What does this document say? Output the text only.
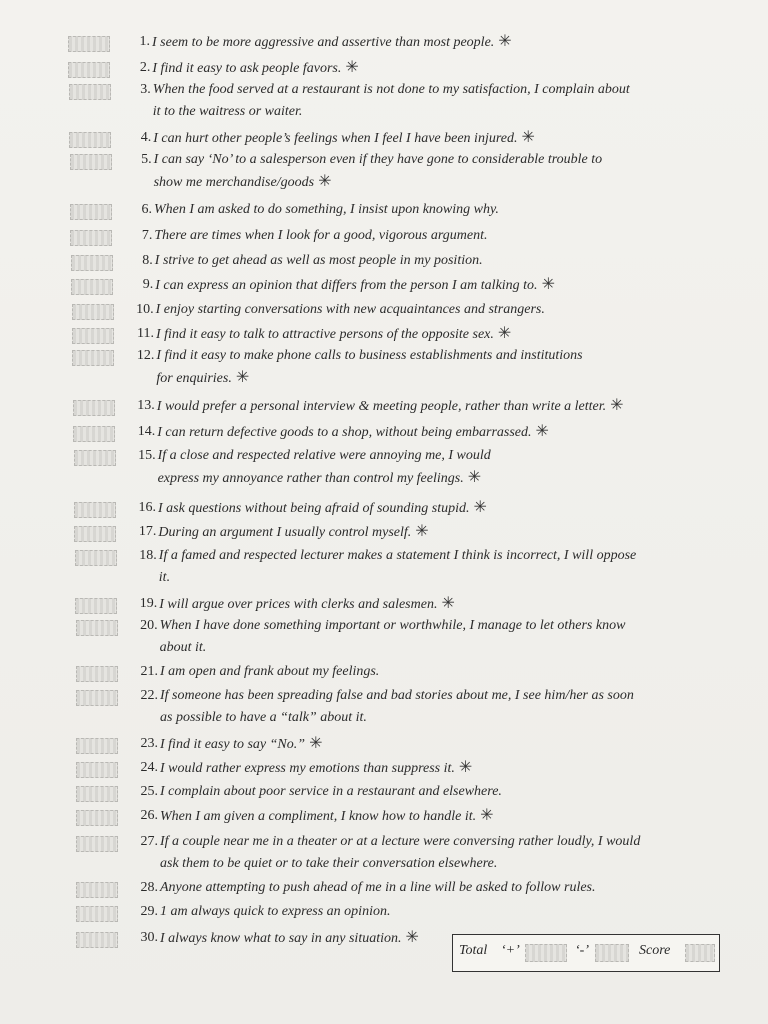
1. I seem to be more aggressive and assertive than most people. ✳
2. I find it easy to ask people favors. ✳
3. When the food served at a restaurant is not done to my satisfaction, I complain about
it to the waitress or waiter.
4. I can hurt other people’s feelings when I feel I have been injured. ✳
5. I can say ‘No’ to a salesperson even if they have gone to considerable trouble to
show me merchandise/goods ✳
6. When I am asked to do something, I insist upon knowing why.
7. There are times when I look for a good, vigorous argument.
8. I strive to get ahead as well as most people in my position.
9. I can express an opinion that differs from the person I am talking to. ✳
10. I enjoy starting conversations with new acquaintances and strangers.
11. I find it easy to talk to attractive persons of the opposite sex. ✳
12. I find it easy to make phone calls to business establishments and institutions
for enquiries. ✳
13. I would prefer a personal interview & meeting people, rather than write a letter. ✳
14. I can return defective goods to a shop, without being embarrassed. ✳
15. If a close and respected relative were annoying me, I would
express my annoyance rather than control my feelings. ✳
16. I ask questions without being afraid of sounding stupid. ✳
17. During an argument I usually control myself. ✳
18. If a famed and respected lecturer makes a statement I think is incorrect, I will oppose
it.
19. I will argue over prices with clerks and salesmen. ✳
20. When I have done something important or worthwhile, I manage to let others know
about it.
21. I am open and frank about my feelings.
22. If someone has been spreading false and bad stories about me, I see him/her as soon
as possible to have a “talk” about it.
23. I find it easy to say “No.” ✳
24. I would rather express my emotions than suppress it. ✳
25. I complain about poor service in a restaurant and elsewhere.
26. When I am given a compliment, I know how to handle it. ✳
27. If a couple near me in a theater or at a lecture were conversing rather loudly, I would
ask them to be quiet or to take their conversation elsewhere.
28. Anyone attempting to push ahead of me in a line will be asked to follow rules.
29. 1 am always quick to express an opinion.
30. I always know what to say in any situation. ✳
Total ‘+’	‘-’	Score
